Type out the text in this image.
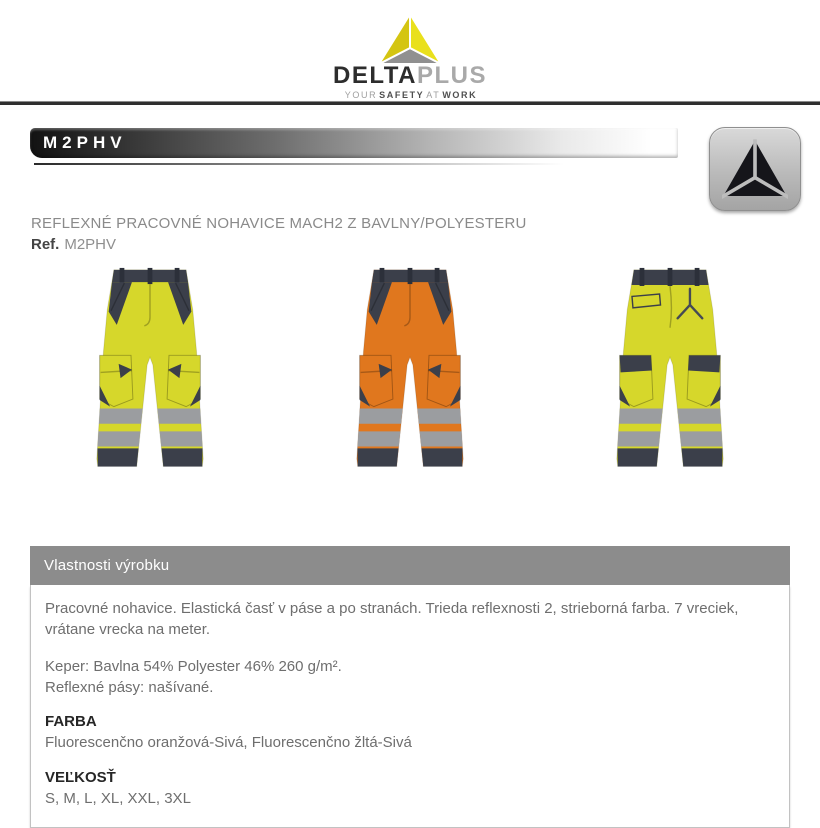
DELTAPLUS
YOUR SAFETY AT WORK
M2PHV
REFLEXNÉ PRACOVNÉ NOHAVICE MACH2 Z BAVLNY/POLYESTERU

Ref. M2PHV

Vlastnosti výrobku

Pracovné nohavice. Elastická časť v páse a po stranách. Trieda reflexnosti 2, strieborná farba. 7 vreciek, vrátane vrecka na meter.

Keper: Bavlna 54% Polyester 46% 260 g/m².

Reflexné pásy: našívané.

FARBA

Fluorescenčno oranžová-Sivá, Fluorescenčno žltá-Sivá

VEĽKOSŤ

S, M, L, XL, XXL, 3XL
